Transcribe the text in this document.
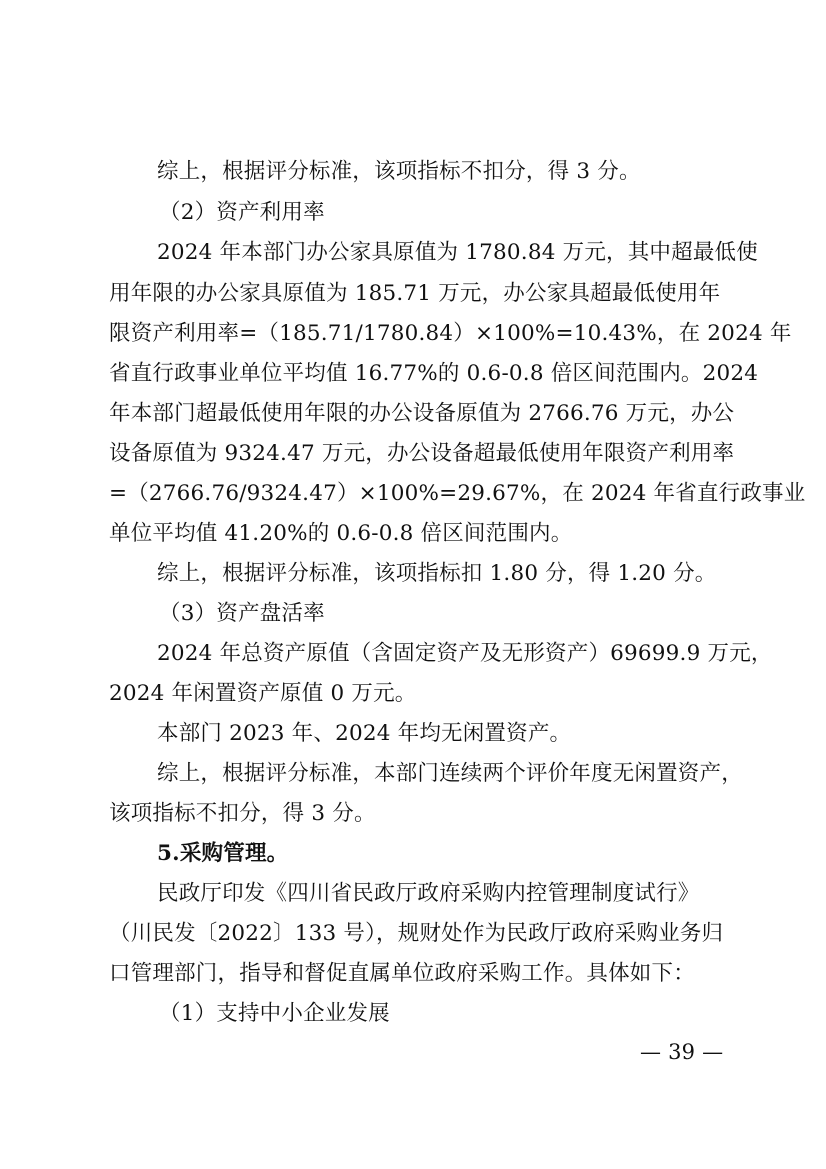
综上，根据评分标准，该项指标不扣分，得 3 分。
（2）资产利用率
2024 年本部门办公家具原值为 1780.84 万元，其中超最低使
用年限的办公家具原值为 185.71 万元，办公家具超最低使用年
限资产利用率=（185.71/1780.84）×100%=10.43%，在 2024 年
省直行政事业单位平均值 16.77%的 0.6-0.8 倍区间范围内。2024
年本部门超最低使用年限的办公设备原值为 2766.76 万元，办公
设备原值为 9324.47 万元，办公设备超最低使用年限资产利用率
=（2766.76/9324.47）×100%=29.67%，在 2024 年省直行政事业
单位平均值 41.20%的 0.6-0.8 倍区间范围内。
综上，根据评分标准，该项指标扣 1.80 分，得 1.20 分。
（3）资产盘活率
2024 年总资产原值（含固定资产及无形资产）69699.9 万元，
2024 年闲置资产原值 0 万元。
本部门 2023 年、2024 年均无闲置资产。
综上，根据评分标准，本部门连续两个评价年度无闲置资产，
该项指标不扣分，得 3 分。
5.采购管理。
民政厅印发《四川省民政厅政府采购内控管理制度试行》
（川民发〔2022〕133 号），规财处作为民政厅政府采购业务归
口管理部门，指导和督促直属单位政府采购工作。具体如下：
（1）支持中小企业发展
— 39 —
